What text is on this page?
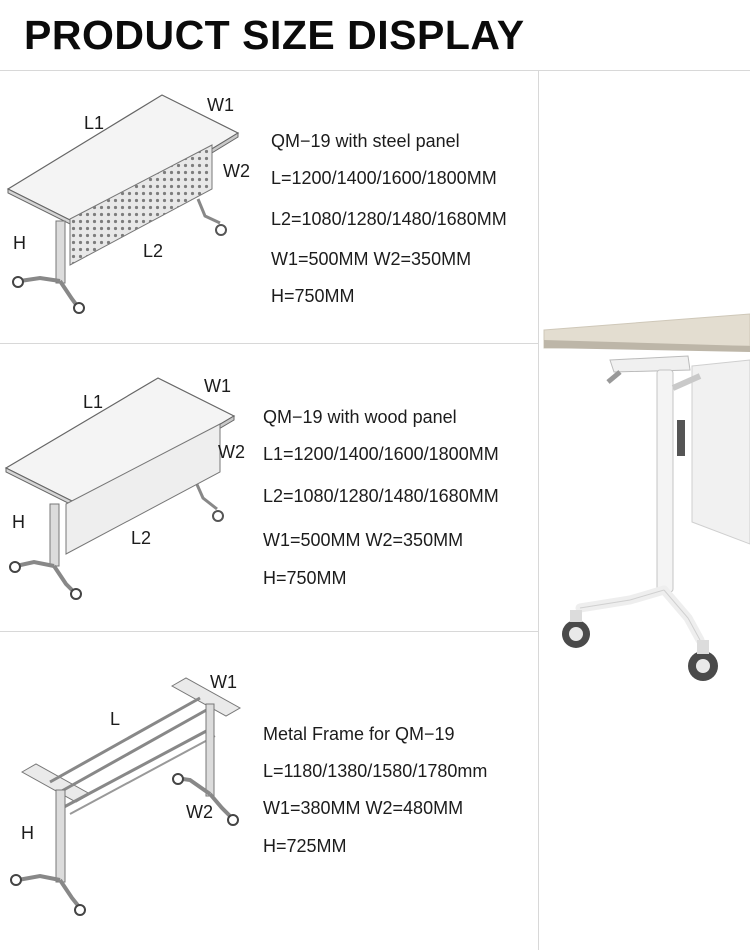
PRODUCT SIZE DISPLAY
L1
W1
W2
H	L2
QM−19 with steel panel
L=1200/1400/1600/1800MM
L2=1080/1280/1480/1680MM
W1=500MM W2=350MM
H=750MM
L1
W1
W2
H
L2
QM−19 with wood panel
L1=1200/1400/1600/1800MM
L2=1080/1280/1480/1680MM
W1=500MM W2=350MM
H=750MM
W1
L
W2
H
Metal Frame for QM−19
L=1180/1380/1580/1780mm
W1=380MM W2=480MM
H=725MM
